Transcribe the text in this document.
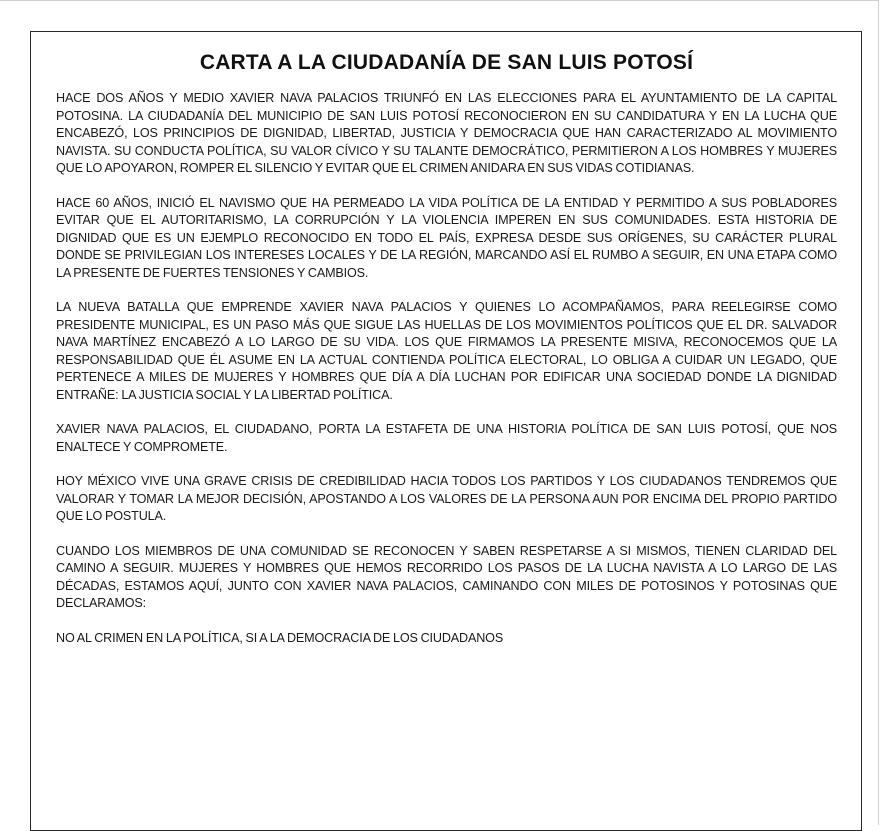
CARTA A LA CIUDADANÍA DE SAN LUIS POTOSÍ

HACE DOS AÑOS Y MEDIO XAVIER NAVA PALACIOS TRIUNFÓ EN LAS ELECCIONES PARA EL AYUNTAMIENTO DE LA CAPITAL POTOSINA. LA CIUDADANÍA DEL MUNICIPIO DE SAN LUIS POTOSÍ RECONOCIERON EN SU CANDIDATURA Y EN LA LUCHA QUE ENCABEZÓ, LOS PRINCIPIOS DE DIGNIDAD, LIBERTAD, JUSTICIA Y DEMOCRACIA QUE HAN CARACTERIZADO AL MOVIMIENTO NAVISTA. SU CONDUCTA POLÍTICA, SU VALOR CÍVICO Y SU TALANTE DEMOCRÁTICO, PERMITIERON A LOS HOMBRES Y MUJERES QUE LO APOYARON, ROMPER EL SILENCIO Y EVITAR QUE EL CRIMEN ANIDARA EN SUS VIDAS COTIDIANAS.

HACE 60 AÑOS, INICIÓ EL NAVISMO QUE HA PERMEADO LA VIDA POLÍTICA DE LA ENTIDAD Y PERMITIDO A SUS POBLADORES EVITAR QUE EL AUTORITARISMO, LA CORRUPCIÓN Y LA VIOLENCIA IMPEREN EN SUS COMUNIDADES. ESTA HISTORIA DE DIGNIDAD QUE ES UN EJEMPLO RECONOCIDO EN TODO EL PAÍS, EXPRESA DESDE SUS ORÍGENES, SU CARÁCTER PLURAL DONDE SE PRIVILEGIAN LOS INTERESES LOCALES Y DE LA REGIÓN, MARCANDO ASÍ EL RUMBO A SEGUIR, EN UNA ETAPA COMO LA PRESENTE DE FUERTES TENSIONES Y CAMBIOS.

LA NUEVA BATALLA QUE EMPRENDE XAVIER NAVA PALACIOS Y QUIENES LO ACOMPAÑAMOS, PARA REELEGIRSE COMO PRESIDENTE MUNICIPAL, ES UN PASO MÁS QUE SIGUE LAS HUELLAS DE LOS MOVIMIENTOS POLÍTICOS QUE EL DR. SALVADOR NAVA MARTÍNEZ ENCABEZÓ A LO LARGO DE SU VIDA. LOS QUE FIRMAMOS LA PRESENTE MISIVA, RECONOCEMOS QUE LA RESPONSABILIDAD QUE ÉL ASUME EN LA ACTUAL CONTIENDA POLÍTICA ELECTORAL, LO OBLIGA A CUIDAR UN LEGADO, QUE PERTENECE A MILES DE MUJERES Y HOMBRES QUE DÍA A DÍA LUCHAN POR EDIFICAR UNA SOCIEDAD DONDE LA DIGNIDAD ENTRAÑE: LA JUSTICIA SOCIAL Y LA LIBERTAD POLÍTICA.

XAVIER NAVA PALACIOS, EL CIUDADANO, PORTA LA ESTAFETA DE UNA HISTORIA POLÍTICA DE SAN LUIS POTOSÍ, QUE NOS ENALTECE Y COMPROMETE.

HOY MÉXICO VIVE UNA GRAVE CRISIS DE CREDIBILIDAD HACIA TODOS LOS PARTIDOS Y LOS CIUDADANOS TENDREMOS QUE VALORAR Y TOMAR LA MEJOR DECISIÓN, APOSTANDO A LOS VALORES DE LA PERSONA AUN POR ENCIMA DEL PROPIO PARTIDO QUE LO POSTULA.

CUANDO LOS MIEMBROS DE UNA COMUNIDAD SE RECONOCEN Y SABEN RESPETARSE A SI MISMOS, TIENEN CLARIDAD DEL CAMINO A SEGUIR. MUJERES Y HOMBRES QUE HEMOS RECORRIDO LOS PASOS DE LA LUCHA NAVISTA A LO LARGO DE LAS DÉCADAS, ESTAMOS AQUÍ, JUNTO CON XAVIER NAVA PALACIOS, CAMINANDO CON MILES DE POTOSINOS Y POTOSINAS QUE DECLARAMOS:

NO AL CRIMEN EN LA POLÍTICA, SI A LA DEMOCRACIA DE LOS CIUDADANOS
